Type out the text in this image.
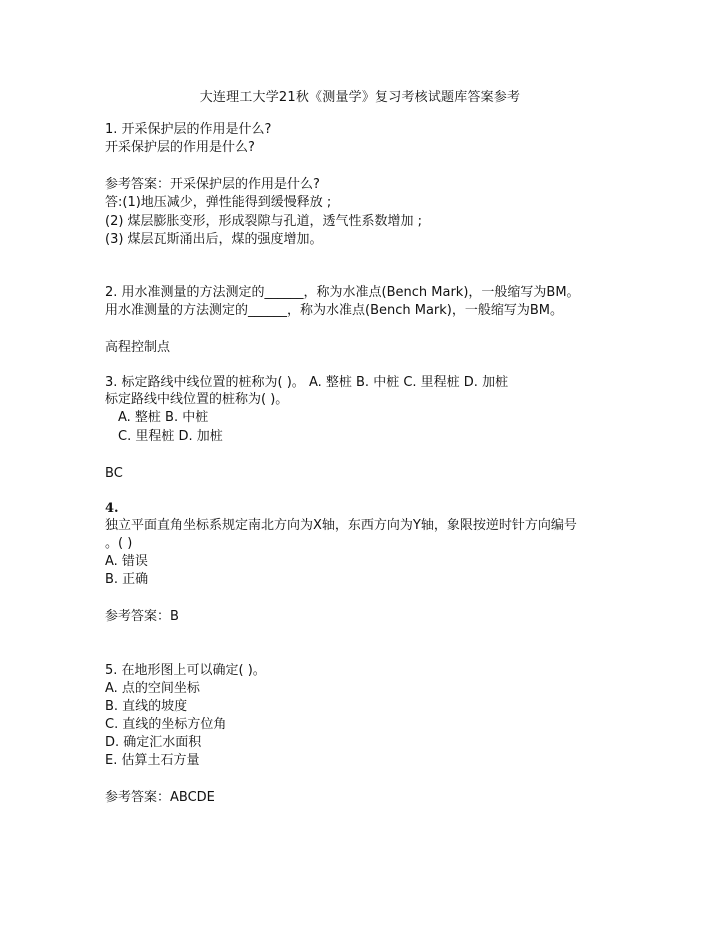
大连理工大学21秋《测量学》复习考核试题库答案参考
1. 开采保护层的作用是什么?
开采保护层的作用是什么?
参考答案：开采保护层的作用是什么?
答:(1)地压减少，弹性能得到缓慢释放 ;
(2) 煤层膨胀变形，形成裂隙与孔道，透气性系数增加 ;
(3) 煤层瓦斯涌出后，煤的强度增加。
2. 用水准测量的方法测定的______，称为水准点(Bench Mark)，一般缩写为BM。
用水准测量的方法测定的______，称为水准点(Bench Mark)，一般缩写为BM。
高程控制点
3. 标定路线中线位置的桩称为( )。 A. 整桩 B. 中桩 C. 里程桩 D. 加桩
标定路线中线位置的桩称为( )。
A. 整桩 B. 中桩
C. 里程桩 D. 加桩
BC
4.
独立平面直角坐标系规定南北方向为X轴，东西方向为Y轴，象限按逆时针方向编号
。( )
A. 错误
B. 正确
参考答案：B
5. 在地形图上可以确定( )。
A. 点的空间坐标
B. 直线的坡度
C. 直线的坐标方位角
D. 确定汇水面积
E. 估算土石方量
参考答案：ABCDE
